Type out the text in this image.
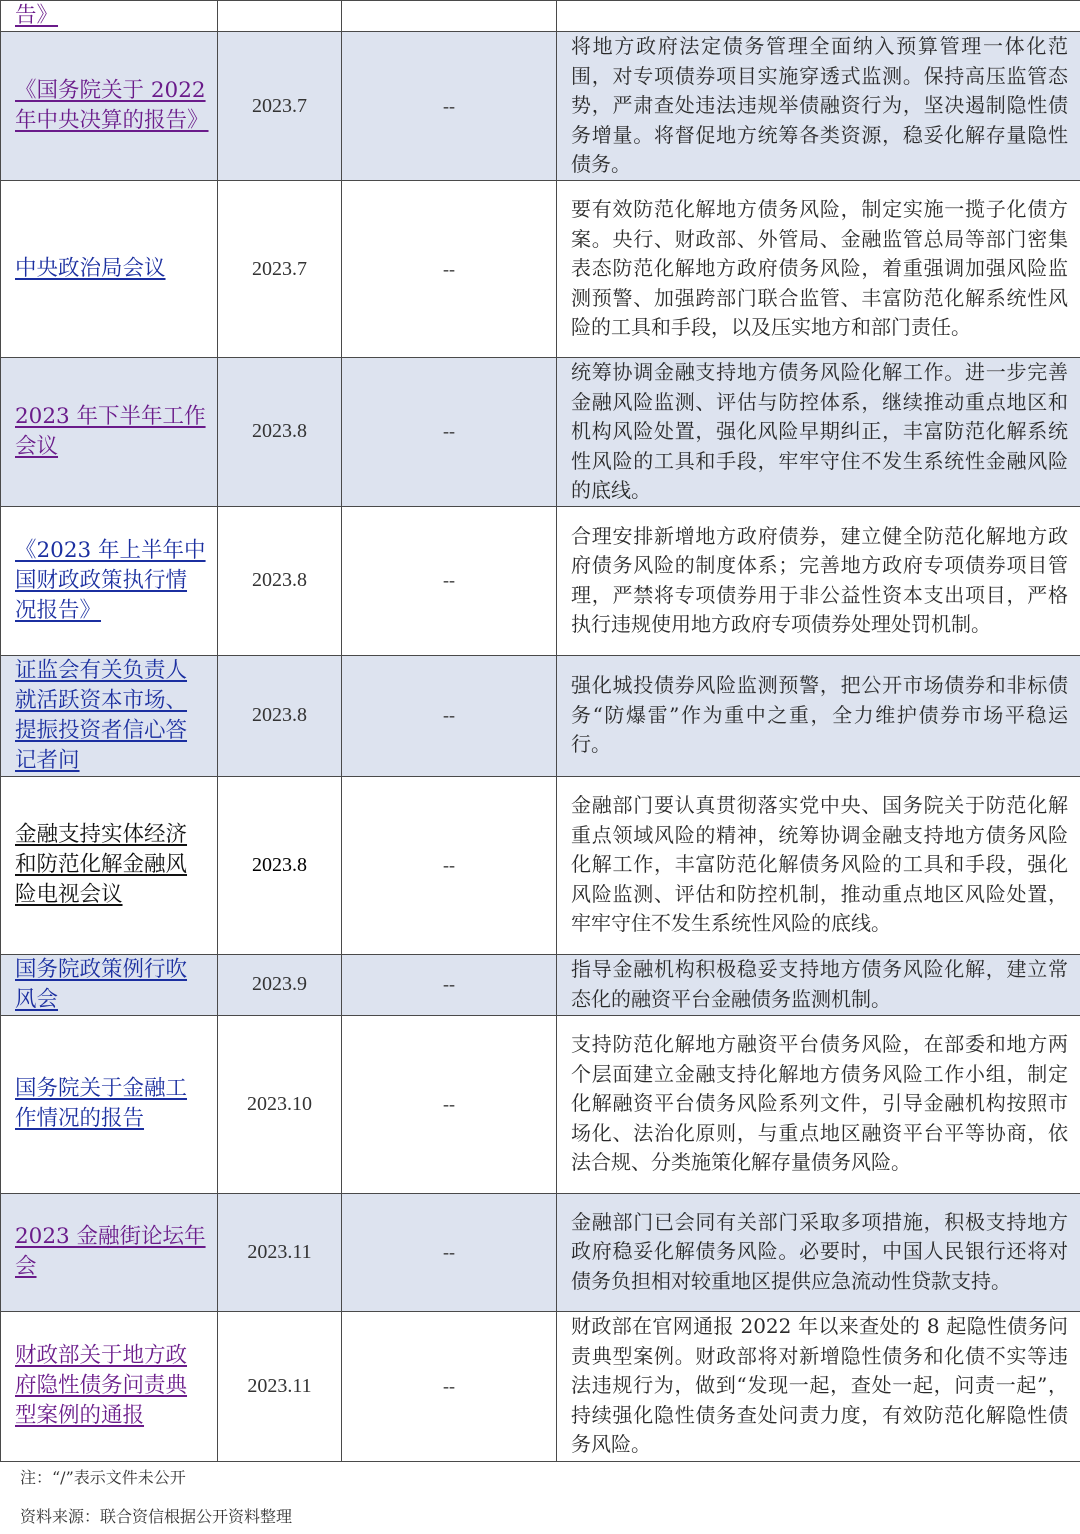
告》			
《国务院关于 2022 年中央决算的报告》	2023.7	--	将地方政府法定债务管理全面纳入预算管理一体化范围，对专项债券项目实施穿透式监测。保持高压监管态势，严肃查处违法违规举债融资行为，坚决遏制隐性债务增量。将督促地方统筹各类资源，稳妥化解存量隐性债务。
中央政治局会议	2023.7	--	要有效防范化解地方债务风险，制定实施一揽子化债方案。央行、财政部、外管局、金融监管总局等部门密集表态防范化解地方政府债务风险，着重强调加强风险监测预警、加强跨部门联合监管、丰富防范化解系统性风险的工具和手段，以及压实地方和部门责任。
2023 年下半年工作会议	2023.8	--	统筹协调金融支持地方债务风险化解工作。进一步完善金融风险监测、评估与防控体系，继续推动重点地区和机构风险处置，强化风险早期纠正，丰富防范化解系统性风险的工具和手段，牢牢守住不发生系统性金融风险的底线。
《2023 年上半年中国财政政策执行情况报告》	2023.8	--	合理安排新增地方政府债券，建立健全防范化解地方政府债务风险的制度体系；完善地方政府专项债券项目管理，严禁将专项债券用于非公益性资本支出项目，严格执行违规使用地方政府专项债券处理处罚机制。
证监会有关负责人就活跃资本市场、提振投资者信心答记者问	2023.8	--	强化城投债券风险监测预警，把公开市场债券和非标债务“防爆雷”作为重中之重，全力维护债券市场平稳运行。
金融支持实体经济和防范化解金融风险电视会议	2023.8	--	金融部门要认真贯彻落实党中央、国务院关于防范化解重点领域风险的精神，统筹协调金融支持地方债务风险化解工作，丰富防范化解债务风险的工具和手段，强化风险监测、评估和防控机制，推动重点地区风险处置，牢牢守住不发生系统性风险的底线。
国务院政策例行吹风会	2023.9	--	指导金融机构积极稳妥支持地方债务风险化解，建立常态化的融资平台金融债务监测机制。
国务院关于金融工作情况的报告	2023.10	--	支持防范化解地方融资平台债务风险，在部委和地方两个层面建立金融支持化解地方债务风险工作小组，制定化解融资平台债务风险系列文件，引导金融机构按照市场化、法治化原则，与重点地区融资平台平等协商，依法合规、分类施策化解存量债务风险。
2023 金融街论坛年会	2023.11	--	金融部门已会同有关部门采取多项措施，积极支持地方政府稳妥化解债务风险。必要时，中国人民银行还将对债务负担相对较重地区提供应急流动性贷款支持。
财政部关于地方政府隐性债务问责典型案例的通报	2023.11	--	财政部在官网通报 2022 年以来查处的 8 起隐性债务问责典型案例。财政部将对新增隐性债务和化债不实等违法违规行为，做到“发现一起，查处一起，问责一起”，持续强化隐性债务查处问责力度，有效防范化解隐性债务风险。
注：“/”表示文件未公开
资料来源：联合资信根据公开资料整理
